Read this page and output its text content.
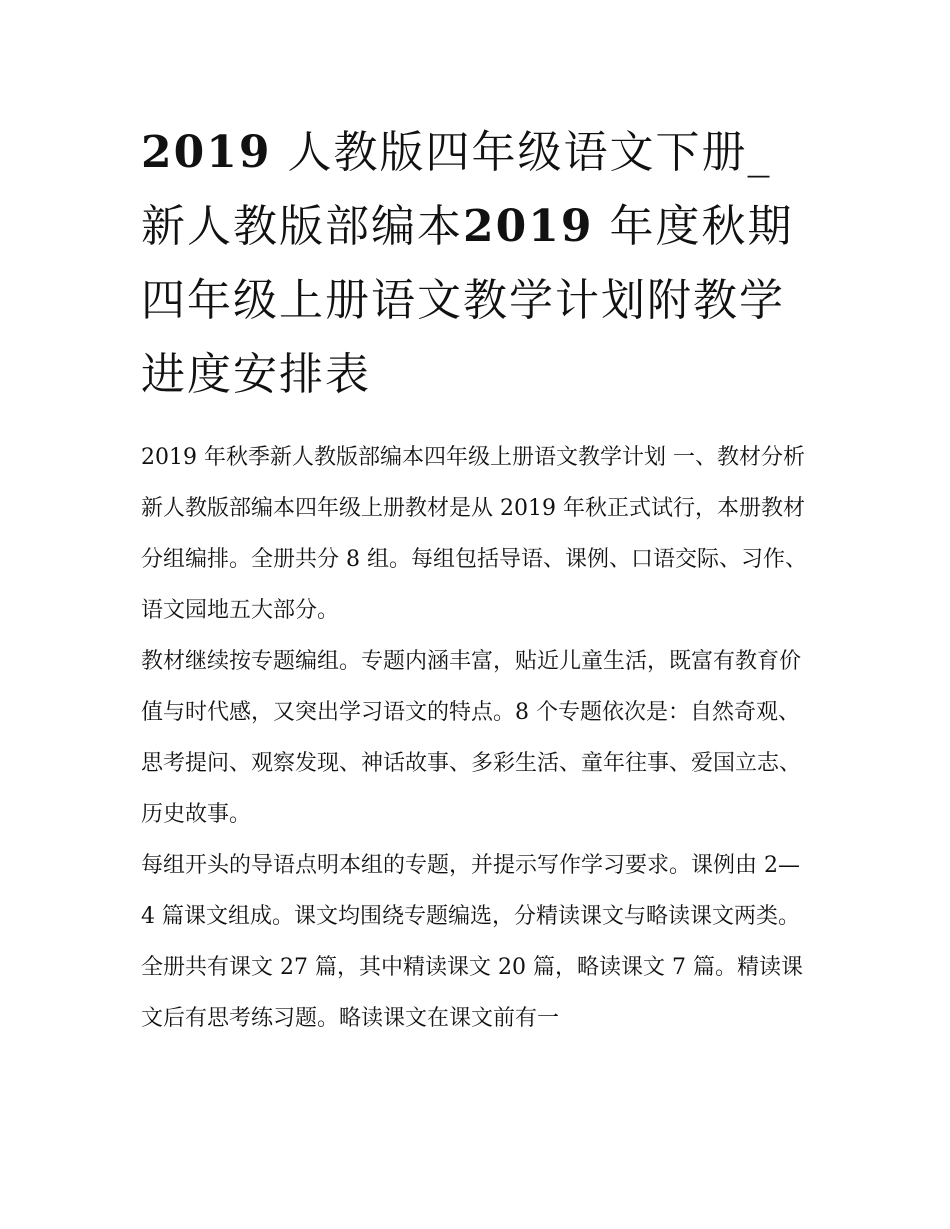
2019 人教版四年级语文下册_新人教版部编本2019 年度秋期四年级上册语文教学计划附教学进度安排表

2019 年秋季新人教版部编本四年级上册语文教学计划 一、教材分析

新人教版部编本四年级上册教材是从 2019 年秋正式试行，本册教材分组编排。全册共分 8 组。每组包括导语、课例、口语交际、习作、语文园地五大部分。

教材继续按专题编组。专题内涵丰富，贴近儿童生活，既富有教育价值与时代感，又突出学习语文的特点。8 个专题依次是：自然奇观、思考提问、观察发现、神话故事、多彩生活、童年往事、爱国立志、历史故事。

每组开头的导语点明本组的专题，并提示写作学习要求。课例由 2—4 篇课文组成。课文均围绕专题编选，分精读课文与略读课文两类。全册共有课文 27 篇，其中精读课文 20 篇，略读课文 7 篇。精读课文后有思考练习题。略读课文在课文前有一
